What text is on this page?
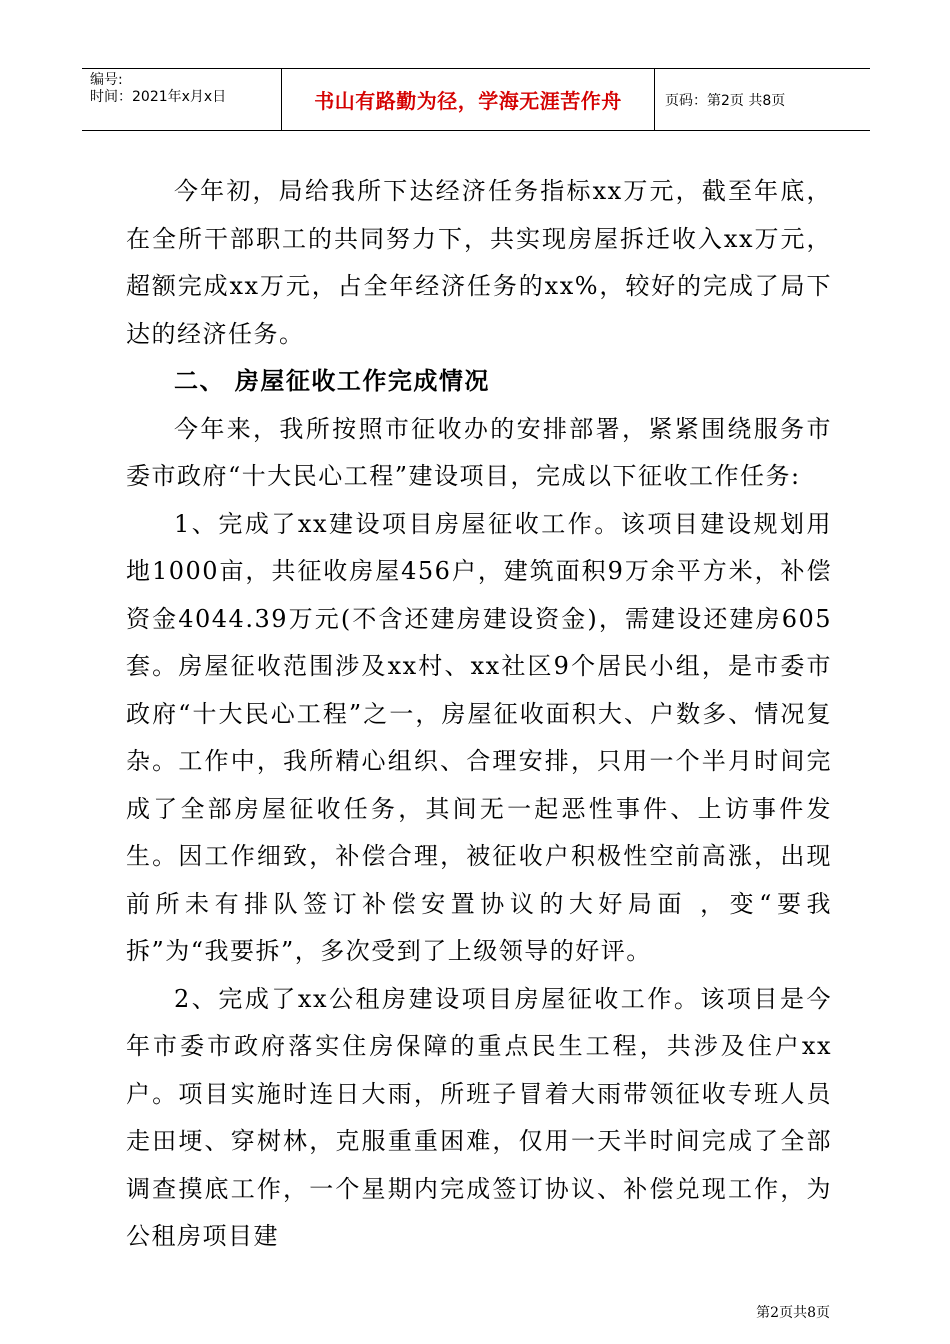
编号:
时间：2021年x月x日	书山有路勤为径，学海无涯苦作舟	页码：第2页 共8页

今年初，局给我所下达经济任务指标xx万元，截至年底，在全所干部职工的共同努力下，共实现房屋拆迁收入xx万元，超额完成xx万元，占全年经济任务的xx%，较好的完成了局下达的经济任务。

二、 房屋征收工作完成情况

今年来，我所按照市征收办的安排部署，紧紧围绕服务市委市政府“十大民心工程”建设项目，完成以下征收工作任务:

1、完成了xx建设项目房屋征收工作。该项目建设规划用地1000亩，共征收房屋456户，建筑面积9万余平方米，补偿资金4044.39万元(不含还建房建设资金)，需建设还建房605套。房屋征收范围涉及xx村、xx社区9个居民小组，是市委市政府“十大民心工程”之一，房屋征收面积大、户数多、情况复杂。工作中，我所精心组织、合理安排，只用一个半月时间完成了全部房屋征收任务，其间无一起恶性事件、上访事件发生。因工作细致，补偿合理，被征收户积极性空前高涨，出现前所未有排队签订补偿安置协议的大好局面 ，变“要我拆”为“我要拆”，多次受到了上级领导的好评。

2、完成了xx公租房建设项目房屋征收工作。该项目是今年市委市政府落实住房保障的重点民生工程，共涉及住户xx户。项目实施时连日大雨，所班子冒着大雨带领征收专班人员走田埂、穿树林，克服重重困难，仅用一天半时间完成了全部调查摸底工作，一个星期内完成签订协议、补偿兑现工作，为公租房项目建

第2页共8页
